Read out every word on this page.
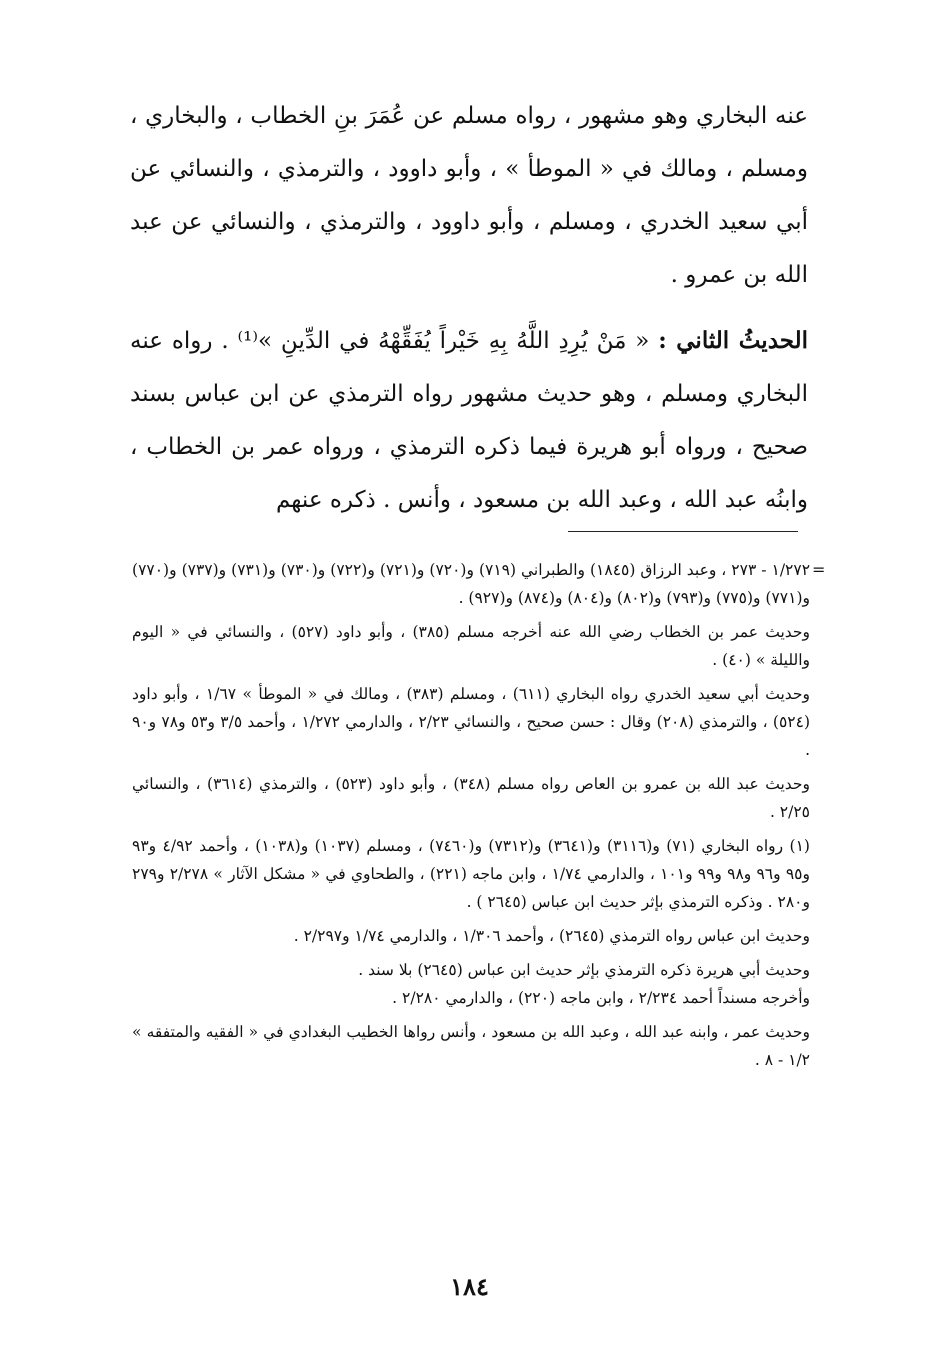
عنه البخاري وهو مشهور ، رواه مسلم عن عُمَرَ بنِ الخطاب ، والبخاري ، ومسلم ، ومالك في « الموطأ » ، وأبو داوود ، والترمذي ، والنسائي عن أبي سعيد الخدري ، ومسلم ، وأبو داوود ، والترمذي ، والنسائي عن عبد الله بن عمرو .

الحديثُ الثاني : « مَنْ يُرِدِ اللَّهُ بِهِ خَيْراً يُفَقِّهْهُ في الدِّينِ »⁽¹⁾ . رواه عنه البخاري ومسلم ، وهو حديث مشهور رواه الترمذي عن ابن عباس بسند صحيح ، ورواه أبو هريرة فيما ذكره الترمذي ، ورواه عمر بن الخطاب ، وابنُه عبد الله ، وعبد الله بن مسعود ، وأنس . ذكره عنهم

=

١/٢٧٢ - ٢٧٣ ، وعبد الرزاق (١٨٤٥) والطبراني (٧١٩) و(٧٢٠) و(٧٢١) و(٧٢٢) و(٧٣٠) و(٧٣١) و(٧٣٧) و(٧٧٠) و(٧٧١) و(٧٧٥) و(٧٩٣) و(٨٠٢) و(٨٠٤) و(٨٧٤) و(٩٢٧) .

وحديث عمر بن الخطاب رضي الله عنه أخرجه مسلم (٣٨٥) ، وأبو داود (٥٢٧) ، والنسائي في « اليوم والليلة » (٤٠) .

وحديث أبي سعيد الخدري رواه البخاري (٦١١) ، ومسلم (٣٨٣) ، ومالك في « الموطأ » ١/٦٧ ، وأبو داود (٥٢٤) ، والترمذي (٢٠٨) وقال : حسن صحيح ، والنسائي ٢/٢٣ ، والدارمي ١/٢٧٢ ، وأحمد ٣/٥ و٥٣ و٧٨ و٩٠ .

وحديث عبد الله بن عمرو بن العاص رواه مسلم (٣٤٨) ، وأبو داود (٥٢٣) ، والترمذي (٣٦١٤) ، والنسائي ٢/٢٥ .

(١) رواه البخاري (٧١) و(٣١١٦) و(٣٦٤١) و(٧٣١٢) و(٧٤٦٠) ، ومسلم (١٠٣٧) و(١٠٣٨) ، وأحمد ٤/٩٢ و٩٣ و٩٥ و٩٦ و٩٨ و٩٩ و١٠١ ، والدارمي ١/٧٤ ، وابن ماجه (٢٢١) ، والطحاوي في « مشكل الآثار » ٢/٢٧٨ و٢٧٩ و٢٨٠ . وذكره الترمذي بإثر حديث ابن عباس (٢٦٤٥ ) .

وحديث ابن عباس رواه الترمذي (٢٦٤٥) ، وأحمد ١/٣٠٦ ، والدارمي ١/٧٤ و٢/٢٩٧ .

وحديث أبي هريرة ذكره الترمذي بإثر حديث ابن عباس (٢٦٤٥) بلا سند .

وأخرجه مسنداً أحمد ٢/٢٣٤ ، وابن ماجه (٢٢٠) ، والدارمي ٢/٢٨٠ .

وحديث عمر ، وابنه عبد الله ، وعبد الله بن مسعود ، وأنس رواها الخطيب البغدادي في « الفقيه والمتفقه » ١/٢ - ٨ .

١٨٤
